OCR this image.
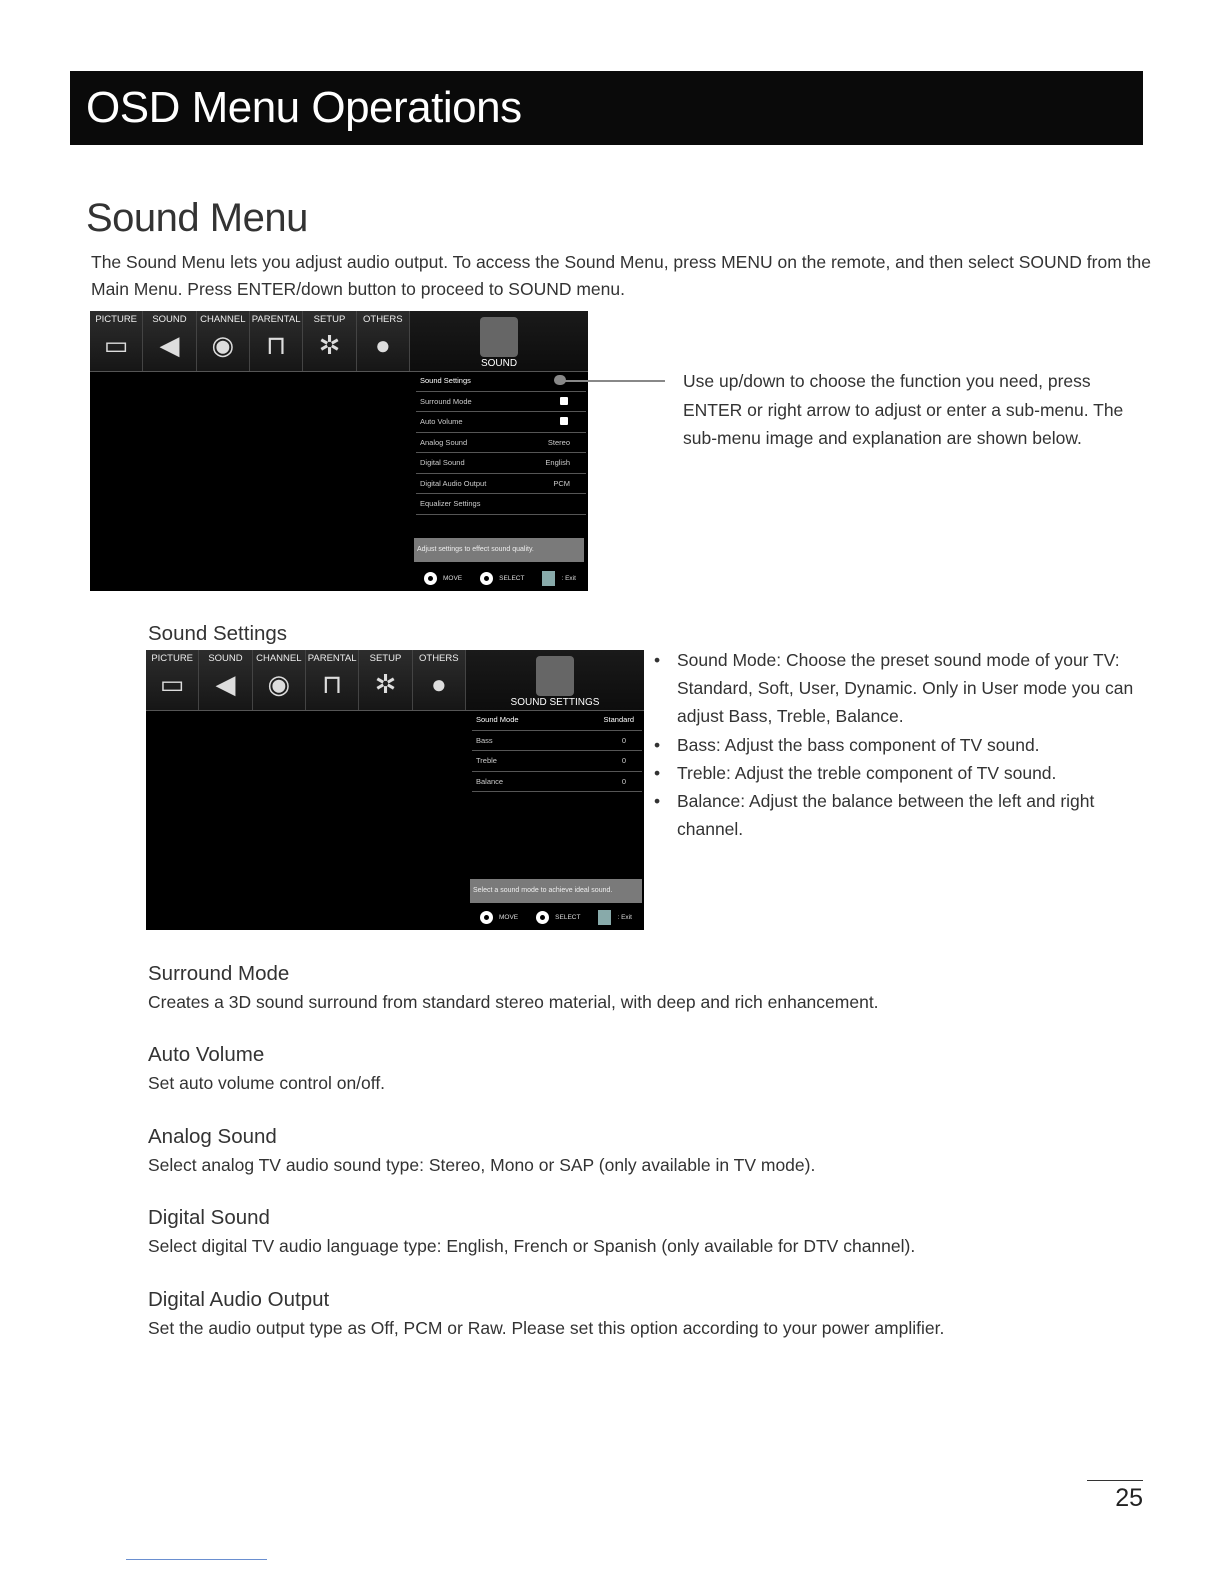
OSD Menu Operations
Sound Menu

The Sound Menu lets you adjust audio output. To access the Sound Menu, press MENU on the remote, and then select SOUND from the Main Menu. Press ENTER/down button to proceed to SOUND menu.

PICTURE
▭
SOUND
◀
CHANNEL
◉
PARENTAL
⊓
SETUP
✲
OTHERS
●
SOUND
Sound Settings
Surround Mode
Auto Volume
Analog Sound	Stereo
Digital Sound	English
Digital Audio Output	PCM
Equalizer Settings
Adjust settings to effect sound quality.
MOVE	SELECT	: Exit

Use up/down to choose the function you need, press ENTER or right arrow to adjust or enter a sub-menu. The sub-menu image and explanation are shown below.

Sound Settings
PICTURE
▭
SOUND
◀
CHANNEL
◉
PARENTAL
⊓
SETUP
✲
OTHERS
●
SOUND SETTINGS
Sound Mode	Standard
Bass	0
Treble	0
Balance	0
Select a sound mode to achieve ideal sound.
MOVE	SELECT	: Exit
• Sound Mode: Choose the preset sound mode of your TV: Standard, Soft, User, Dynamic. Only in User mode you can adjust Bass, Treble, Balance.
• Bass: Adjust the bass component of TV sound.
• Treble: Adjust the treble component of TV sound.
• Balance: Adjust the balance between the left and right channel.
Surround Mode

Creates a 3D sound surround from standard stereo material, with deep and rich enhancement.

Auto Volume

Set auto volume control on/off.

Analog Sound

Select analog TV audio sound type: Stereo, Mono or SAP (only available in TV mode).

Digital Sound

Select digital TV audio language type: English, French or Spanish (only available for DTV channel).

Digital Audio Output

Set the audio output type as Off, PCM or Raw. Please set this option according to your power amplifier.

25
